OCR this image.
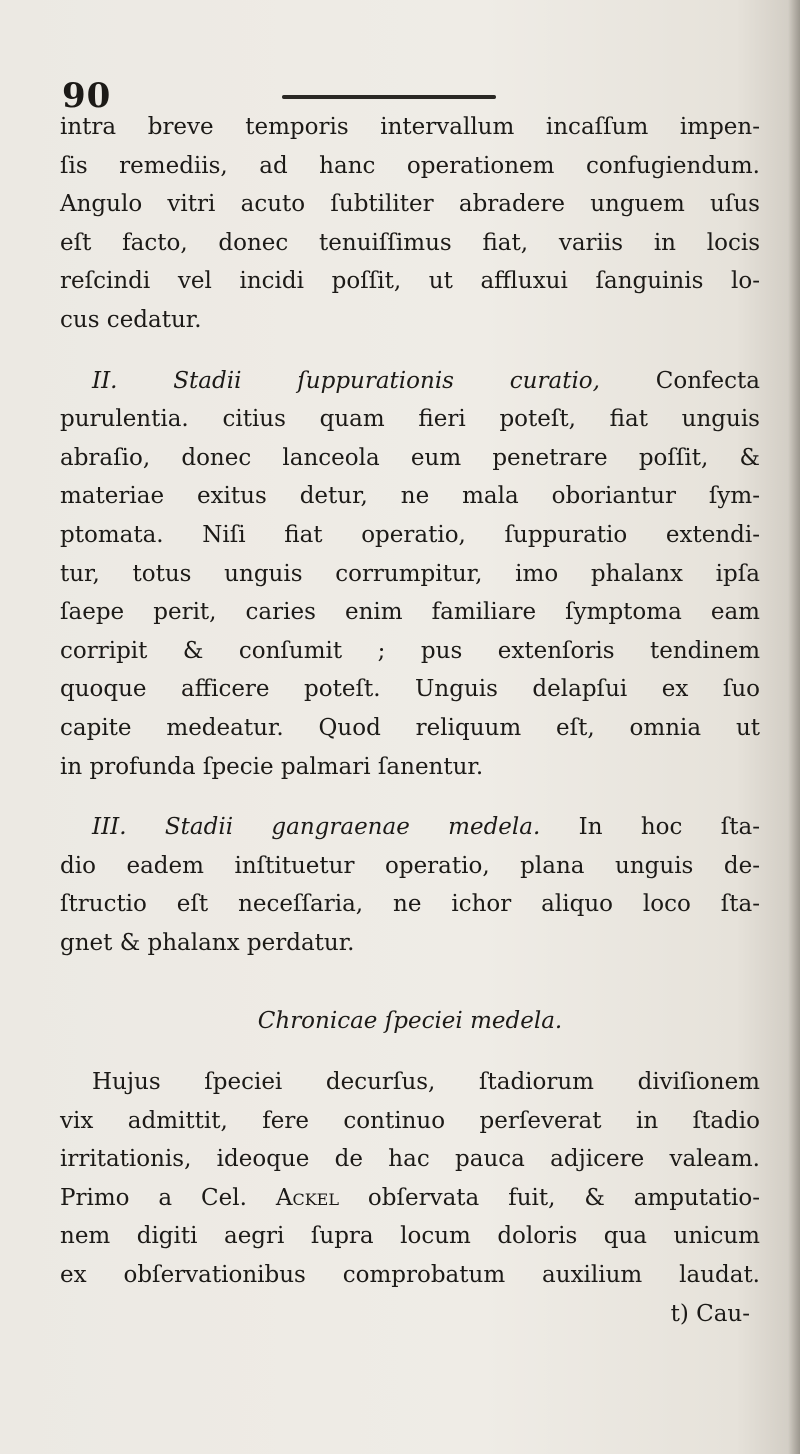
90
intra breve temporis intervallum incaſſum impen-
ſis remediis, ad hanc operationem confugiendum.
Angulo vitri acuto ſubtiliter abradere unguem uſus
eſt facto, donec tenuiſſimus fiat, variis in locis
reſcindi vel incidi poſſit, ut affluxui ſanguinis lo-
cus cedatur.
II. Stadii ſuppurationis curatio, Confecta
purulentia. citius quam fieri poteſt, fiat unguis
abraſio, donec lanceola eum penetrare poſſit, &
materiae exitus detur, ne mala oboriantur ſym-
ptomata. Niſi fiat operatio, ſuppuratio extendi-
tur, totus unguis corrumpitur, imo phalanx ipſa
ſaepe perit, caries enim familiare ſymptoma eam
corripit & conſumit ; pus extenſoris tendinem
quoque afficere poteſt. Unguis delapſui ex ſuo
capite medeatur. Quod reliquum eſt, omnia ut
in profunda ſpecie palmari ſanentur.
III. Stadii gangraenae medela. In hoc ſta-
dio eadem inſtituetur operatio, plana unguis de-
ſtructio eſt neceſſaria, ne ichor aliquo loco ſta-
gnet & phalanx perdatur.
Chronicae ſpeciei medela.
Hujus ſpeciei decurſus, ſtadiorum diviſionem
vix admittit, fere continuo perſeverat in ſtadio
irritationis, ideoque de hac pauca adjicere valeam.
Primo a Cel. Ackel obſervata fuit, & amputatio-
nem digiti aegri ſupra locum doloris qua unicum
ex obſervationibus comprobatum auxilium laudat.
t) Cau-
